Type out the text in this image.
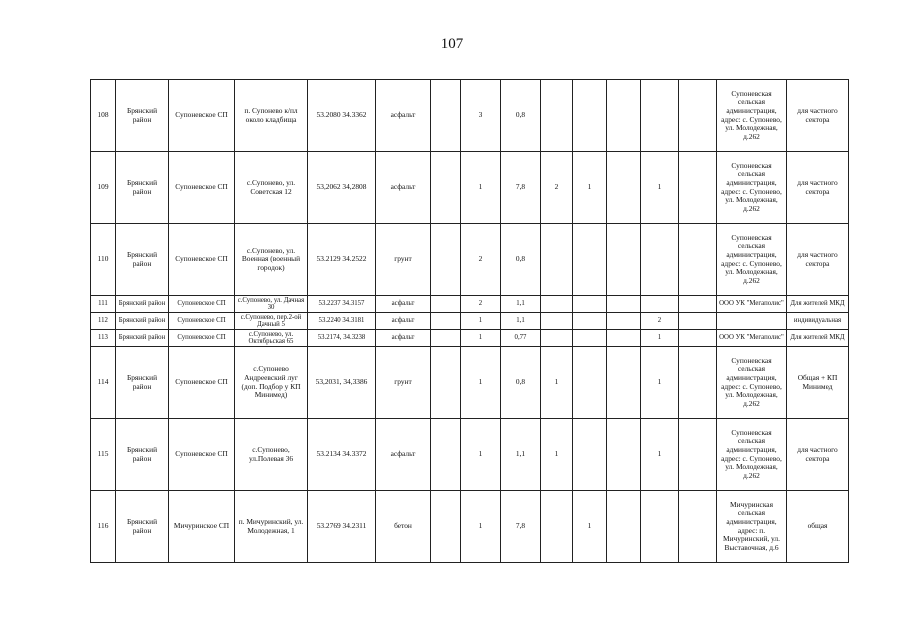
107
108	Брянский район	Супоневское СП	п. Супонево к/пл около кладбища	53.2080 34.3362	асфальт		3	0,8						Супоневская сельская администрация, адрес: с. Супонево, ул. Молодежная, д.262	для частного сектора
109	Брянский район	Супоневское СП	с.Супонево, ул. Советская 12	53,2062 34,2808	асфальт		1	7,8	2	1		1		Супоневская сельская администрация, адрес: с. Супонево, ул. Молодежная, д.262	для частного сектора
110	Брянский район	Супоневское СП	с.Супонево, ул. Военная (военный городок)	53.2129 34.2522	грунт		2	0,8						Супоневская сельская администрация, адрес: с. Супонево, ул. Молодежная, д.262	для частного сектора
111	Брянский район	Супоневское СП	с.Супонево, ул. Дачная 30	53.2237 34.3157	асфальт		2	1,1						ООО УК "Мегаполис"	Для жителей МКД
112	Брянский район	Супоневское СП	с.Супонево, пер.2-ой Дачный 5	53.2240 34.3181	асфальт		1	1,1				2			индивидуальная
113	Брянский район	Супоневское СП	с.Супонево, ул. Октябрьская 65	53.2174, 34.3238	асфальт		1	0,77				1		ООО УК "Мегаполис"	Для жителей МКД
114	Брянский район	Супоневское СП	с.Супонево Андреевский луг (доп. Подбор у КП Минимед)	53,2031, 34,3386	грунт		1	0,8	1			1		Супоневская сельская администрация, адрес: с. Супонево, ул. Молодежная, д.262	Общая + КП Минимед
115	Брянский район	Супоневское СП	с.Супонево, ул.Полевая 36	53.2134 34.3372	асфальт		1	1,1	1			1		Супоневская сельская администрация, адрес: с. Супонево, ул. Молодежная, д.262	для частного сектора
116	Брянский район	Мичуринское СП	п. Мичуринский, ул. Молодежная, 1	53.2769 34.2311	бетон		1	7,8		1				Мичуринская сельская администрация, адрес: п. Мичуринский, ул. Выставочная, д.6	общая
